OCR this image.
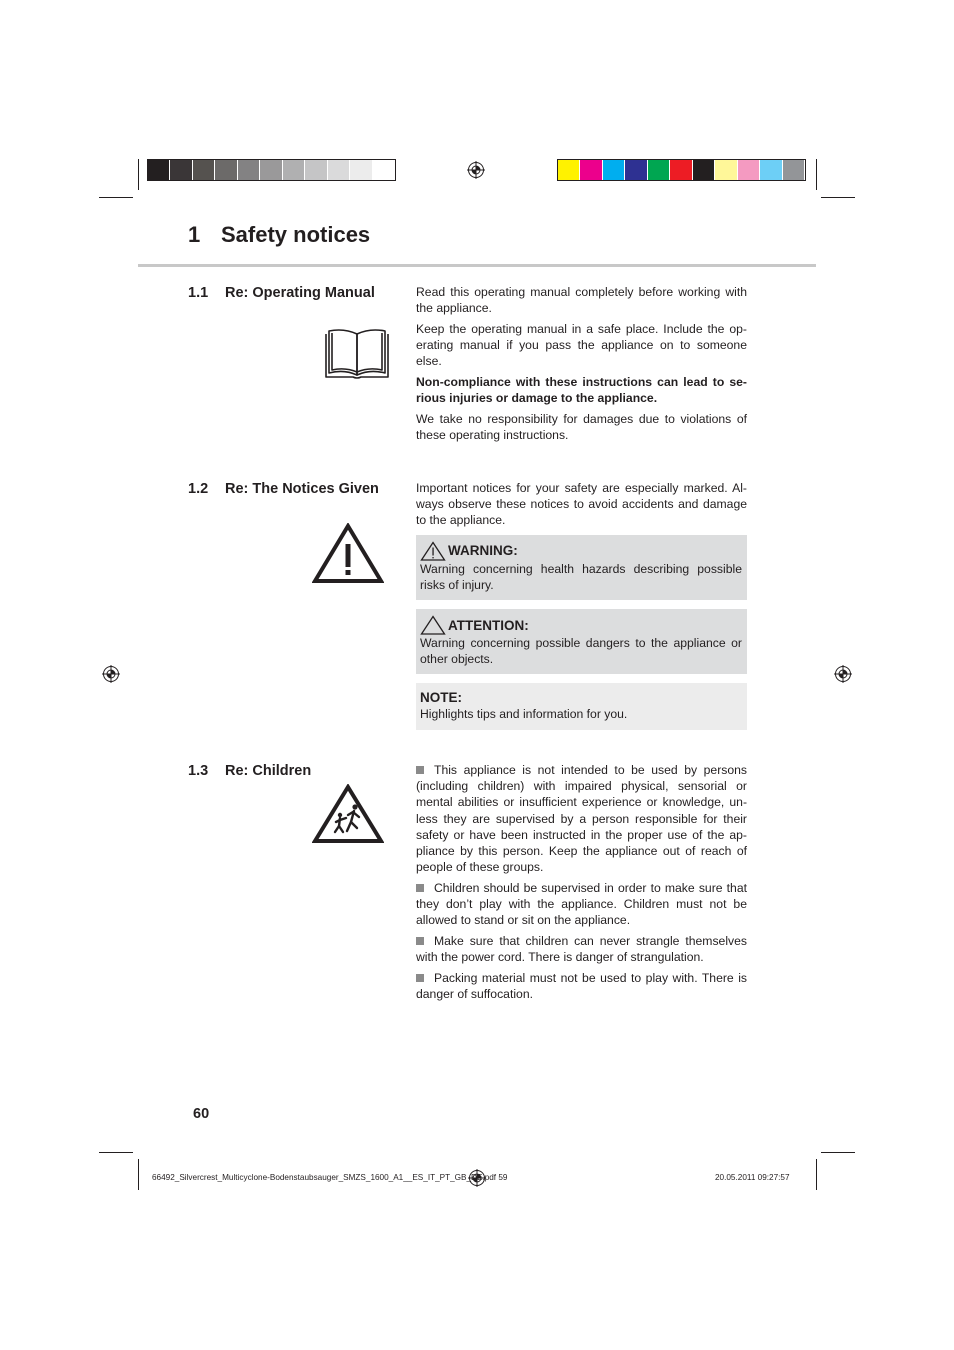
1 Safety notices
1.1 Re: Operating Manual	Read this operating manual completely before working with the appliance.

Keep the operating manual in a safe place. Include the op-erating manual if you pass the appliance on to someone else.

Non-compliance with these instructions can lead to se-rious injuries or damage to the appliance.

We take no responsibility for damages due to violations of these operating instructions.

1.2 Re: The Notices Given	Important notices for your safety are especially marked. Al-ways observe these notices to avoid accidents and damage to the appliance.

WARNING:
Warning concerning health hazards describing possible risks of injury.
ATTENTION:
Warning concerning possible dangers to the appliance or other objects.
NOTE:
Highlights tips and information for you.
1.3 Re: Children	This appliance is not intended to be used by persons (including children) with impaired physical, sensorial or mental abilities or insufficient experience or knowledge, un-less they are supervised by a person responsible for their safety or have been instructed in the proper use of the ap-pliance by this person. Keep the appliance out of reach of people of these groups.

Children should be supervised in order to make sure that they don’t play with the appliance. Children must not be allowed to stand or sit on the appliance.

Make sure that children can never strangle themselves with the power cord. There is danger of strangulation.

Packing material must not be used to play with. There is danger of suffocation.

60
66492_Silvercrest_Multicyclone-Bodenstaubsauger_SMZS_1600_A1__ES_IT_PT_GB_DE.pdf 59	20.05.2011 09:27:57
